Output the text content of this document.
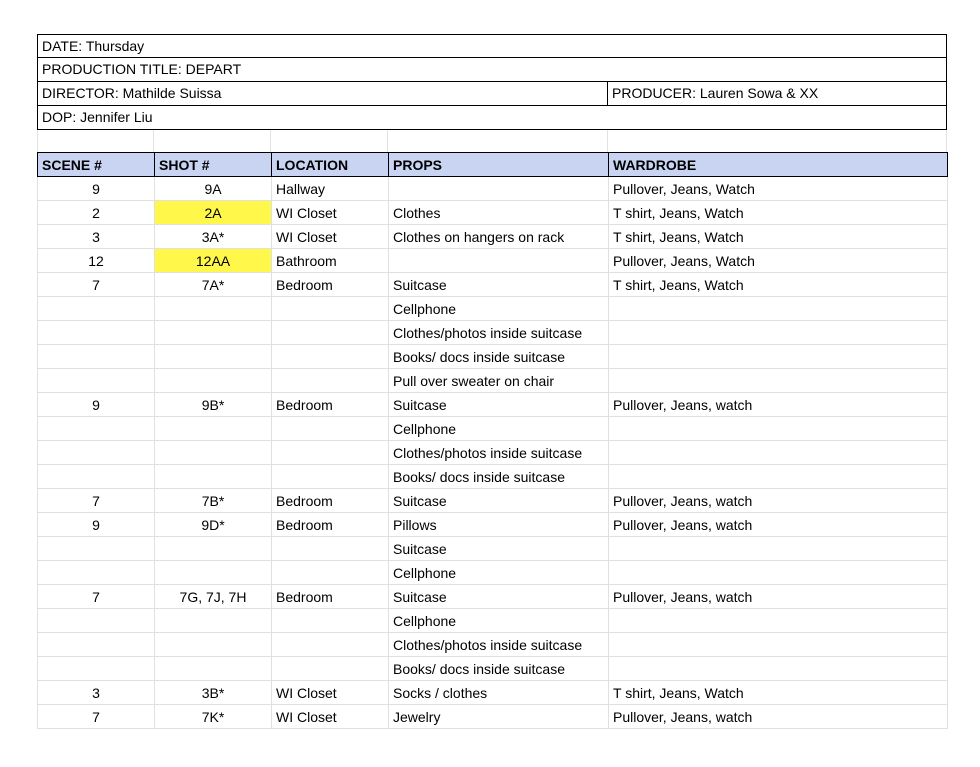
DATE: Thursday
PRODUCTION TITLE: DEPART
DIRECTOR: Mathilde Suissa	PRODUCER: Lauren Sowa & XX
DOP: Jennifer Liu
SCENE #	SHOT #	LOCATION	PROPS	WARDROBE
9	9A	Hallway		Pullover, Jeans, Watch
2	2A	WI Closet	Clothes	T shirt, Jeans, Watch
3	3A*	WI Closet	Clothes on hangers on rack	T shirt, Jeans, Watch
12	12AA	Bathroom		Pullover, Jeans, Watch
7	7A*	Bedroom	Suitcase	T shirt, Jeans, Watch
			Cellphone	
			Clothes/photos inside suitcase	
			Books/ docs inside suitcase	
			Pull over sweater on chair	
9	9B*	Bedroom	Suitcase	Pullover, Jeans, watch
			Cellphone	
			Clothes/photos inside suitcase	
			Books/ docs inside suitcase	
7	7B*	Bedroom	Suitcase	Pullover, Jeans, watch
9	9D*	Bedroom	Pillows	Pullover, Jeans, watch
			Suitcase	
			Cellphone	
7	7G, 7J, 7H	Bedroom	Suitcase	Pullover, Jeans, watch
			Cellphone	
			Clothes/photos inside suitcase	
			Books/ docs inside suitcase	
3	3B*	WI Closet	Socks / clothes	T shirt, Jeans, Watch
7	7K*	WI Closet	Jewelry	Pullover, Jeans, watch
